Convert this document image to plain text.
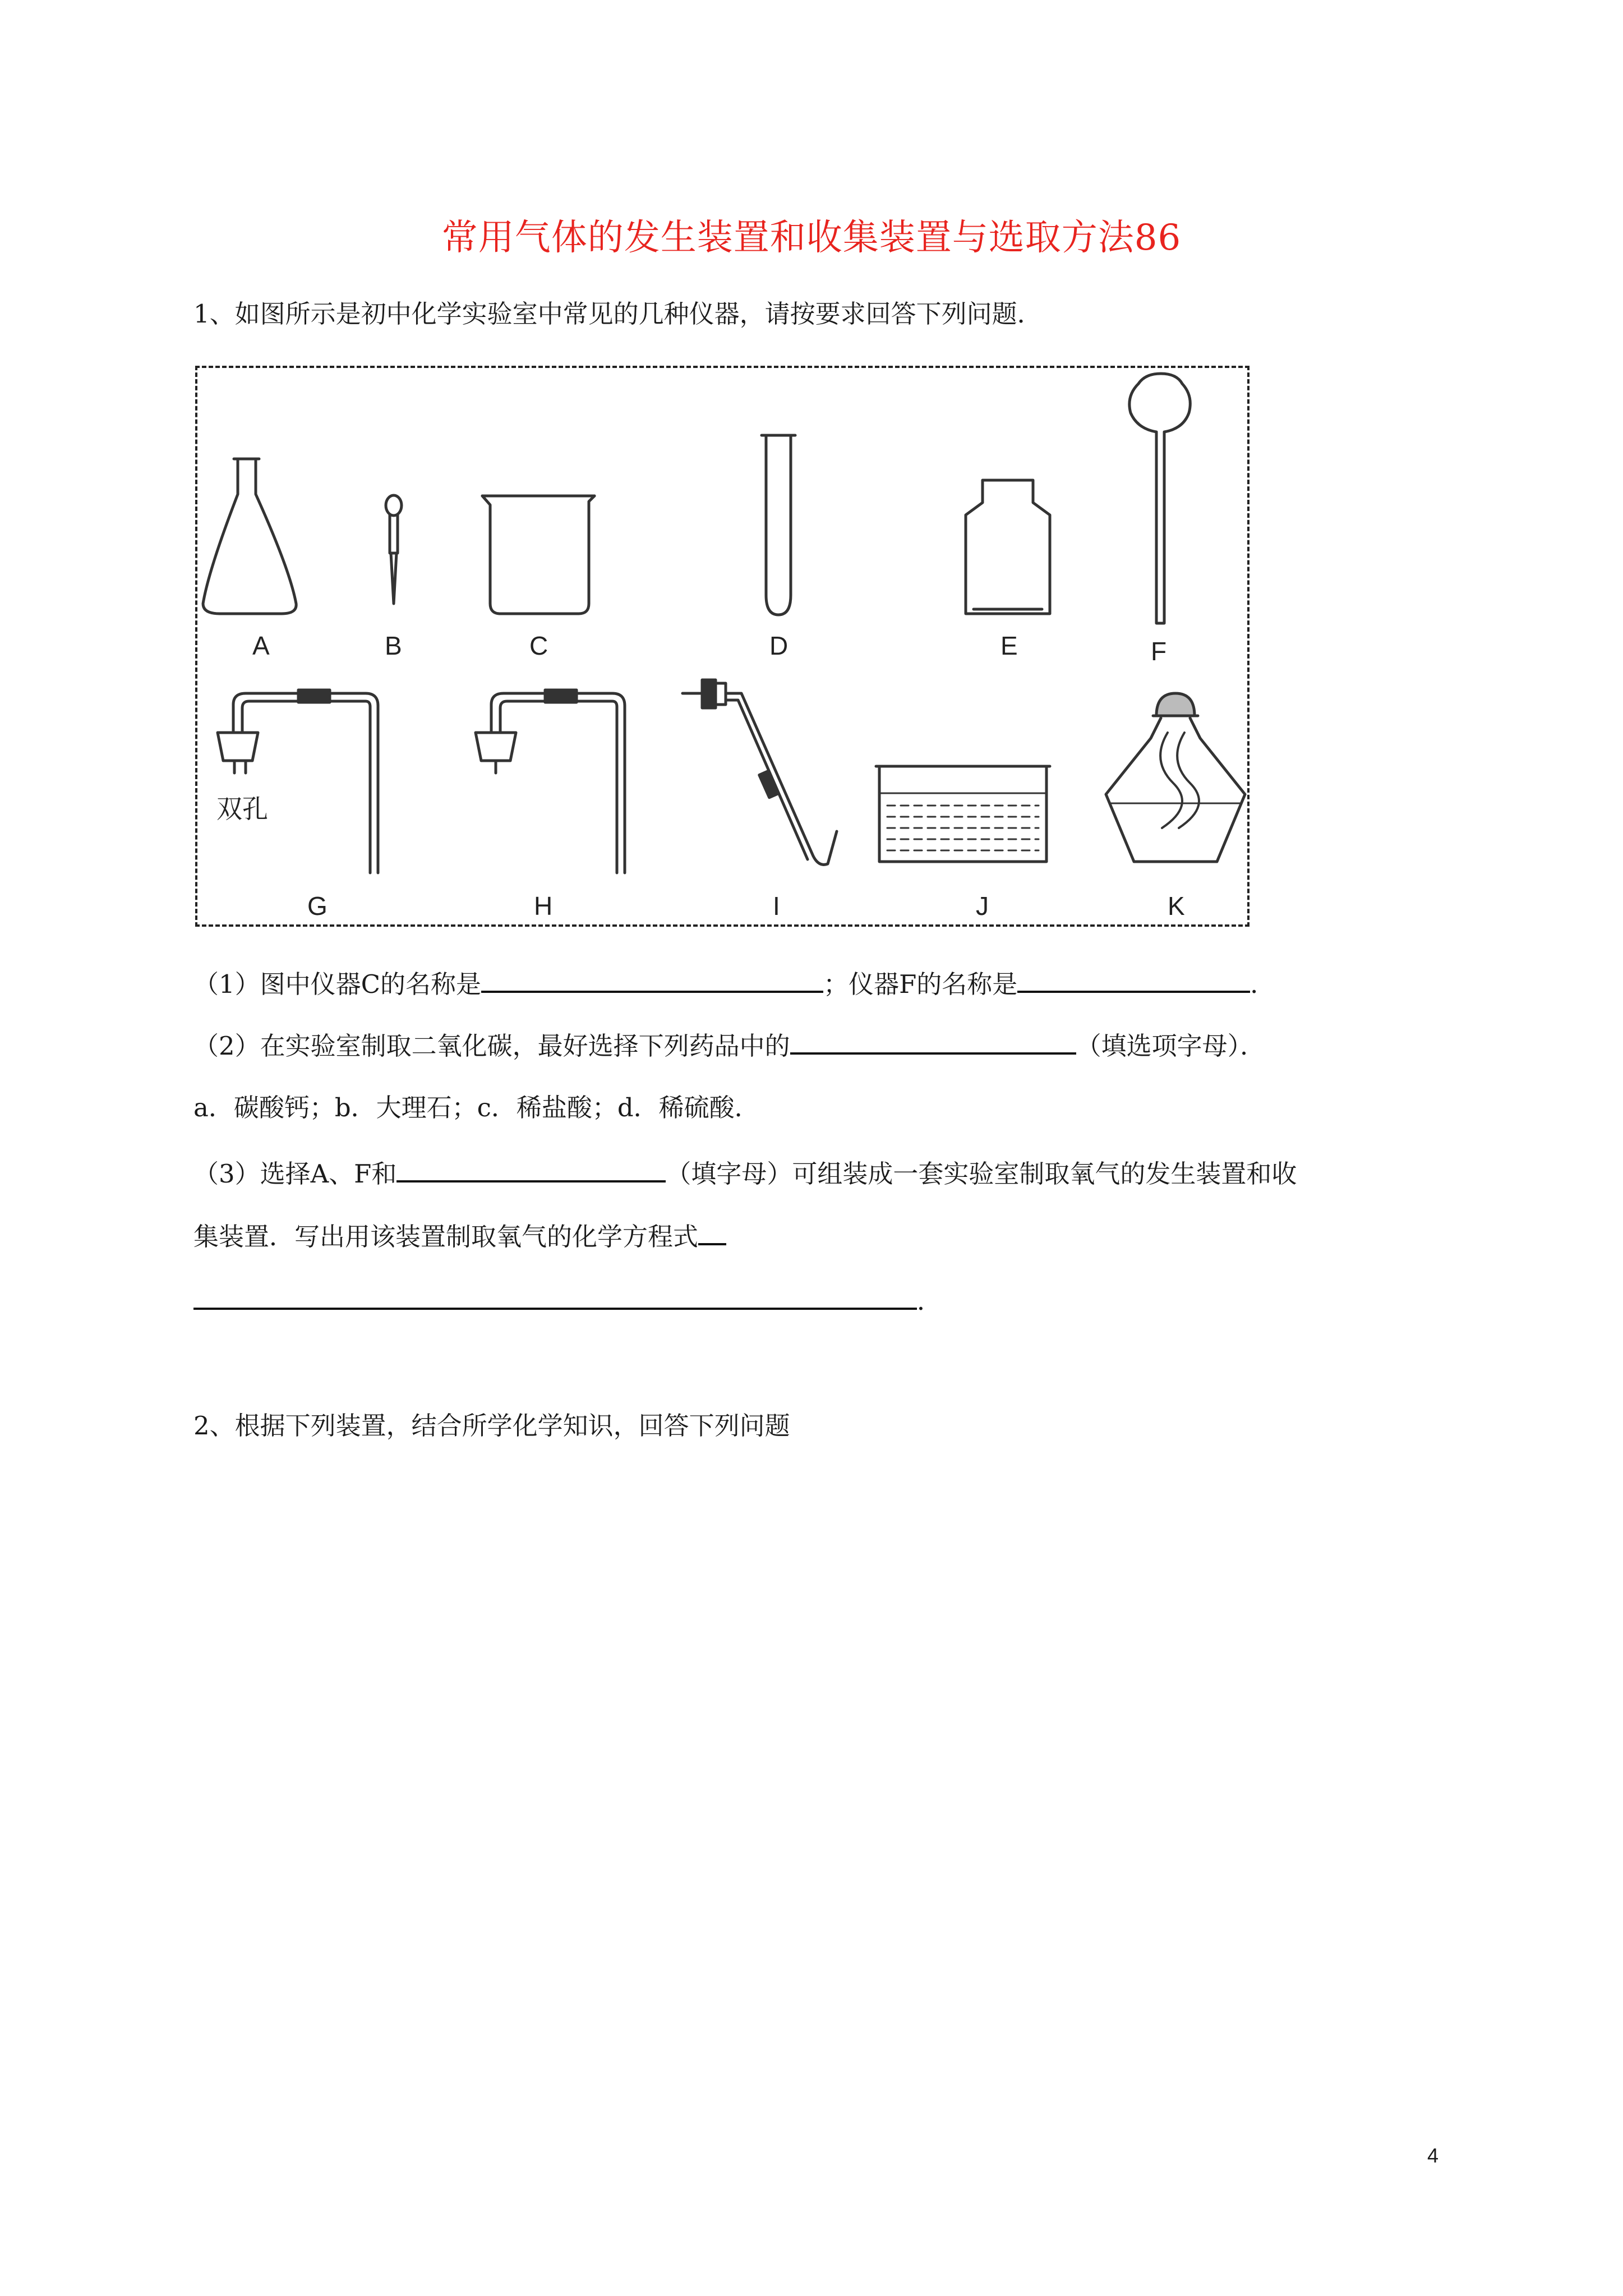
常用气体的发生装置和收集装置与选取方法86
1、如图所示是初中化学实验室中常见的几种仪器，请按要求回答下列问题．
A	B	C	D	E	F
双孔
G	H	I	J	K
（1）图中仪器C的名称是	；仪器F的名称是	．
（2）在实验室制取二氧化碳，最好选择下列药品中的	（填选项字母）．
a．碳酸钙；b．大理石；c．稀盐酸；d．稀硫酸．
（3）选择A、F和	（填字母）可组装成一套实验室制取氧气的发生装置和收
集装置．写出用该装置制取氧气的化学方程式
．
2、根据下列装置，结合所学化学知识，回答下列问题
4
